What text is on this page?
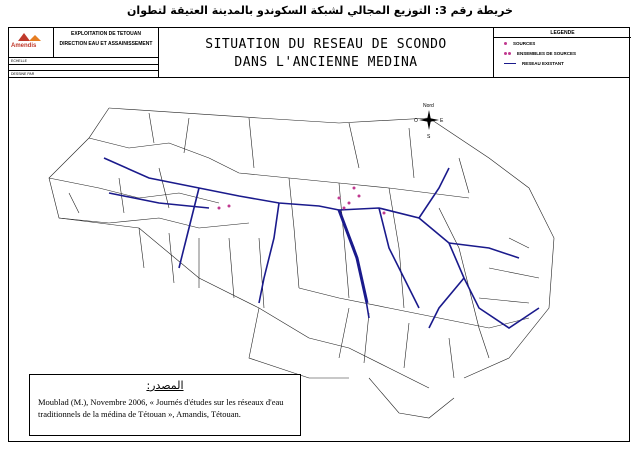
خريطة رقم 3: التوزيع المجالي لشبكة السكوندو بالمدينة العتيقة لتطوان
Amendis
EXPLOITATION DE TETOUAN
DIRECTION EAU ET ASSAINISSEMENT
ECHELLE
DESSINE PAR
SITUATION DU RESEAU DE SCONDO
DANS L'ANCIENNE MEDINA
LEGENDE
SOURCES
ENSEMBLES DE SOURCES
RESEAU EXISTANT
Nord
O	E
S
المصدر:
Moublad (M.), Novembre 2006, « Journés d'études sur les réseaux d'eau traditionnels de la médina de Tétouan », Amandis, Tétouan.
